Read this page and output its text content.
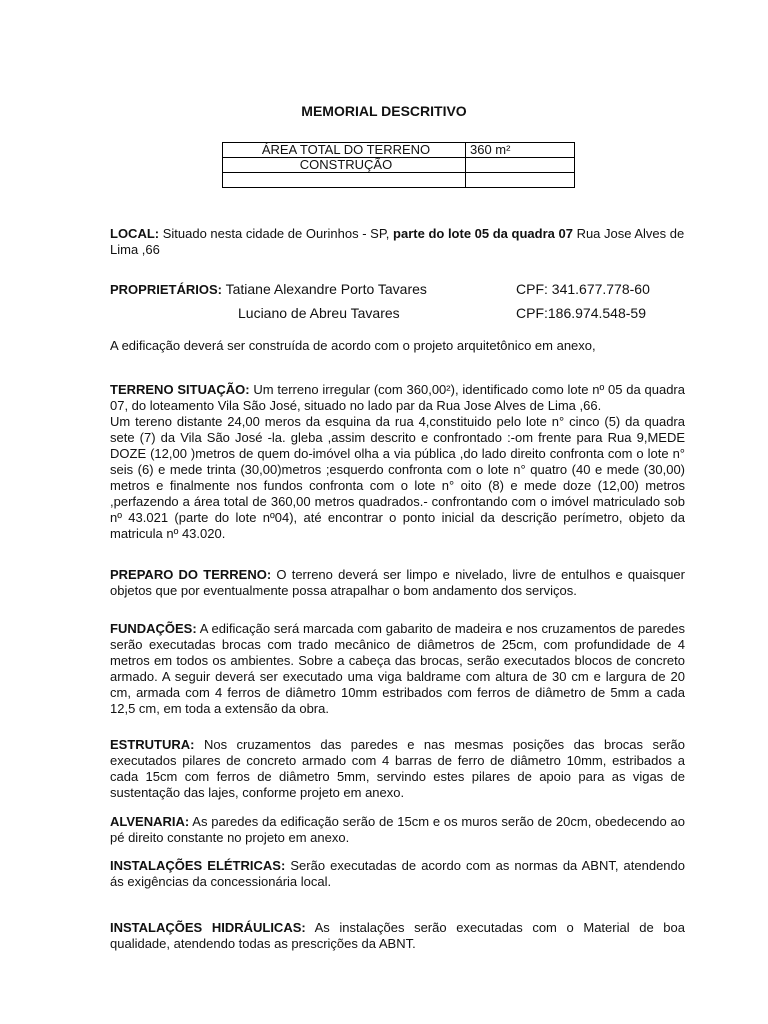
MEMORIAL DESCRITIVO
ÁREA TOTAL DO TERRENO	360 m²
CONSTRUÇÃO	

LOCAL: Situado nesta cidade de Ourinhos - SP, parte do lote 05 da quadra 07 Rua Jose Alves de Lima ,66
PROPRIETÁRIOS: Tatiane Alexandre Porto Tavares	CPF: 341.677.778-60
Luciano de Abreu Tavares	CPF:186.974.548-59
A edificação deverá ser construída de acordo com o projeto arquitetônico em anexo,
TERRENO SITUAÇÃO: Um terreno irregular (com 360,00²), identificado como lote nº 05 da quadra 07, do loteamento Vila São José, situado no lado par da Rua Jose Alves de Lima ,66.
Um tereno distante 24,00 meros da esquina da rua 4,constituido pelo lote n° cinco (5) da quadra sete (7) da Vila São José -la. gleba ,assim descrito e confrontado :-om frente para Rua 9,MEDE DOZE (12,00 )metros de quem do-imóvel olha a via pública ,do lado direito confronta com o lote n° seis (6) e mede trinta (30,00)metros ;esquerdo confronta com o lote n° quatro (40 e mede (30,00) metros e finalmente nos fundos confronta com o lote n° oito (8) e mede doze (12,00) metros ,perfazendo a área total de 360,00 metros quadrados.- confrontando com o imóvel matriculado sob nº 43.021 (parte do lote nº04), até encontrar o ponto inicial da descrição perímetro, objeto da matricula nº 43.020.
PREPARO DO TERRENO: O terreno deverá ser limpo e nivelado, livre de entulhos e quaisquer objetos que por eventualmente possa atrapalhar o bom andamento dos serviços.
FUNDAÇÕES: A edificação será marcada com gabarito de madeira e nos cruzamentos de paredes serão executadas brocas com trado mecânico de diâmetros de 25cm, com profundidade de 4 metros em todos os ambientes. Sobre a cabeça das brocas, serão executados blocos de concreto armado. A seguir deverá ser executado uma viga baldrame com altura de 30 cm e largura de 20 cm, armada com 4 ferros de diâmetro 10mm estribados com ferros de diâmetro de 5mm a cada 12,5 cm, em toda a extensão da obra.
ESTRUTURA: Nos cruzamentos das paredes e nas mesmas posições das brocas serão executados pilares de concreto armado com 4 barras de ferro de diâmetro 10mm, estribados a cada 15cm com ferros de diâmetro 5mm, servindo estes pilares de apoio para as vigas de sustentação das lajes, conforme projeto em anexo.
ALVENARIA: As paredes da edificação serão de 15cm e os muros serão de 20cm, obedecendo ao pé direito constante no projeto em anexo.
INSTALAÇÕES ELÉTRICAS: Serão executadas de acordo com as normas da ABNT, atendendo ás exigências da concessionária local.
INSTALAÇÕES HIDRÁULICAS: As instalações serão executadas com o Material de boa qualidade, atendendo todas as prescrições da ABNT.
